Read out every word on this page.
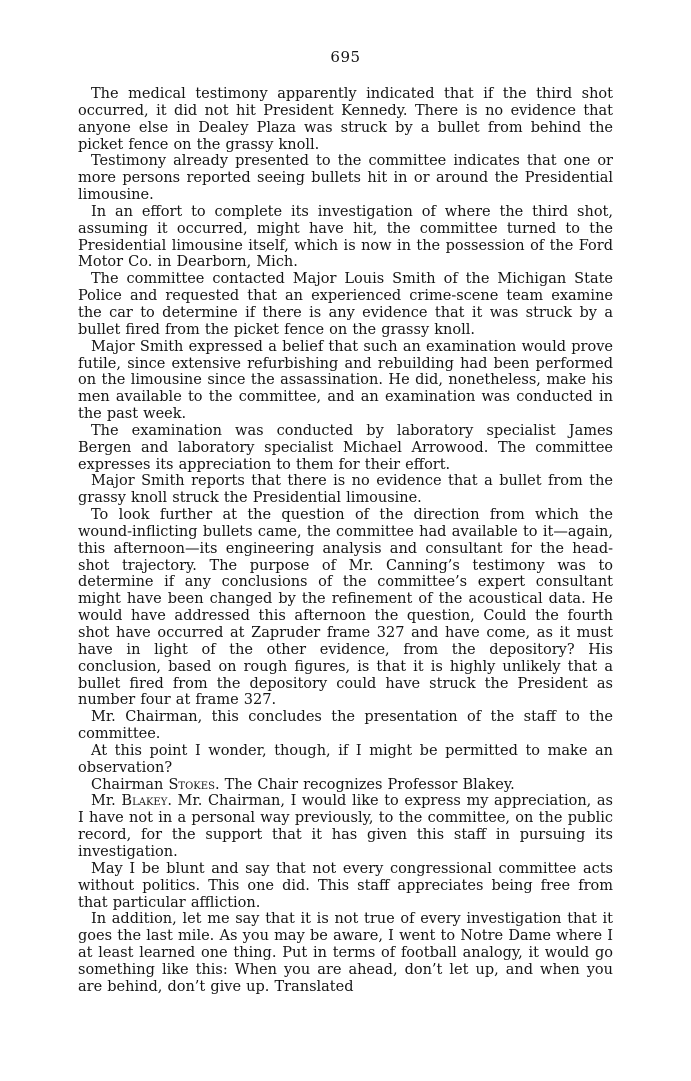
695

The medical testimony apparently indicated that if the third shot occurred, it did not hit President Kennedy. There is no evidence that anyone else in Dealey Plaza was struck by a bullet from behind the picket fence on the grassy knoll.

Testimony already presented to the committee indicates that one or more persons reported seeing bullets hit in or around the Presidential limousine.

In an effort to complete its investigation of where the third shot, assuming it occurred, might have hit, the committee turned to the Presidential limousine itself, which is now in the possession of the Ford Motor Co. in Dearborn, Mich.

The committee contacted Major Louis Smith of the Michigan State Police and requested that an experienced crime-scene team examine the car to determine if there is any evidence that it was struck by a bullet fired from the picket fence on the grassy knoll.

Major Smith expressed a belief that such an examination would prove futile, since extensive refurbishing and rebuilding had been performed on the limousine since the assassination. He did, nonetheless, make his men available to the committee, and an examination was conducted in the past week.

The examination was conducted by laboratory specialist James Bergen and laboratory specialist Michael Arrowood. The committee expresses its appreciation to them for their effort.

Major Smith reports that there is no evidence that a bullet from the grassy knoll struck the Presidential limousine.

To look further at the question of the direction from which the wound-inflicting bullets came, the committee had available to it—again, this afternoon—its engineering analysis and consultant for the head-shot trajectory. The purpose of Mr. Canning’s testimony was to determine if any conclusions of the committee’s expert consultant might have been changed by the refinement of the acoustical data. He would have addressed this afternoon the question, Could the fourth shot have occurred at Zapruder frame 327 and have come, as it must have in light of the other evidence, from the depository? His conclusion, based on rough figures, is that it is highly unlikely that a bullet fired from the depository could have struck the President as number four at frame 327.

Mr. Chairman, this concludes the presentation of the staff to the committee.

At this point I wonder, though, if I might be permitted to make an observation?

Chairman Stokes. The Chair recognizes Professor Blakey.

Mr. Blakey. Mr. Chairman, I would like to express my appreciation, as I have not in a personal way previously, to the committee, on the public record, for the support that it has given this staff in pursuing its investigation.

May I be blunt and say that not every congressional committee acts without politics. This one did. This staff appreciates being free from that particular affliction.

In addition, let me say that it is not true of every investigation that it goes the last mile. As you may be aware, I went to Notre Dame where I at least learned one thing. Put in terms of football analogy, it would go something like this: When you are ahead, don’t let up, and when you are behind, don’t give up. Translated
